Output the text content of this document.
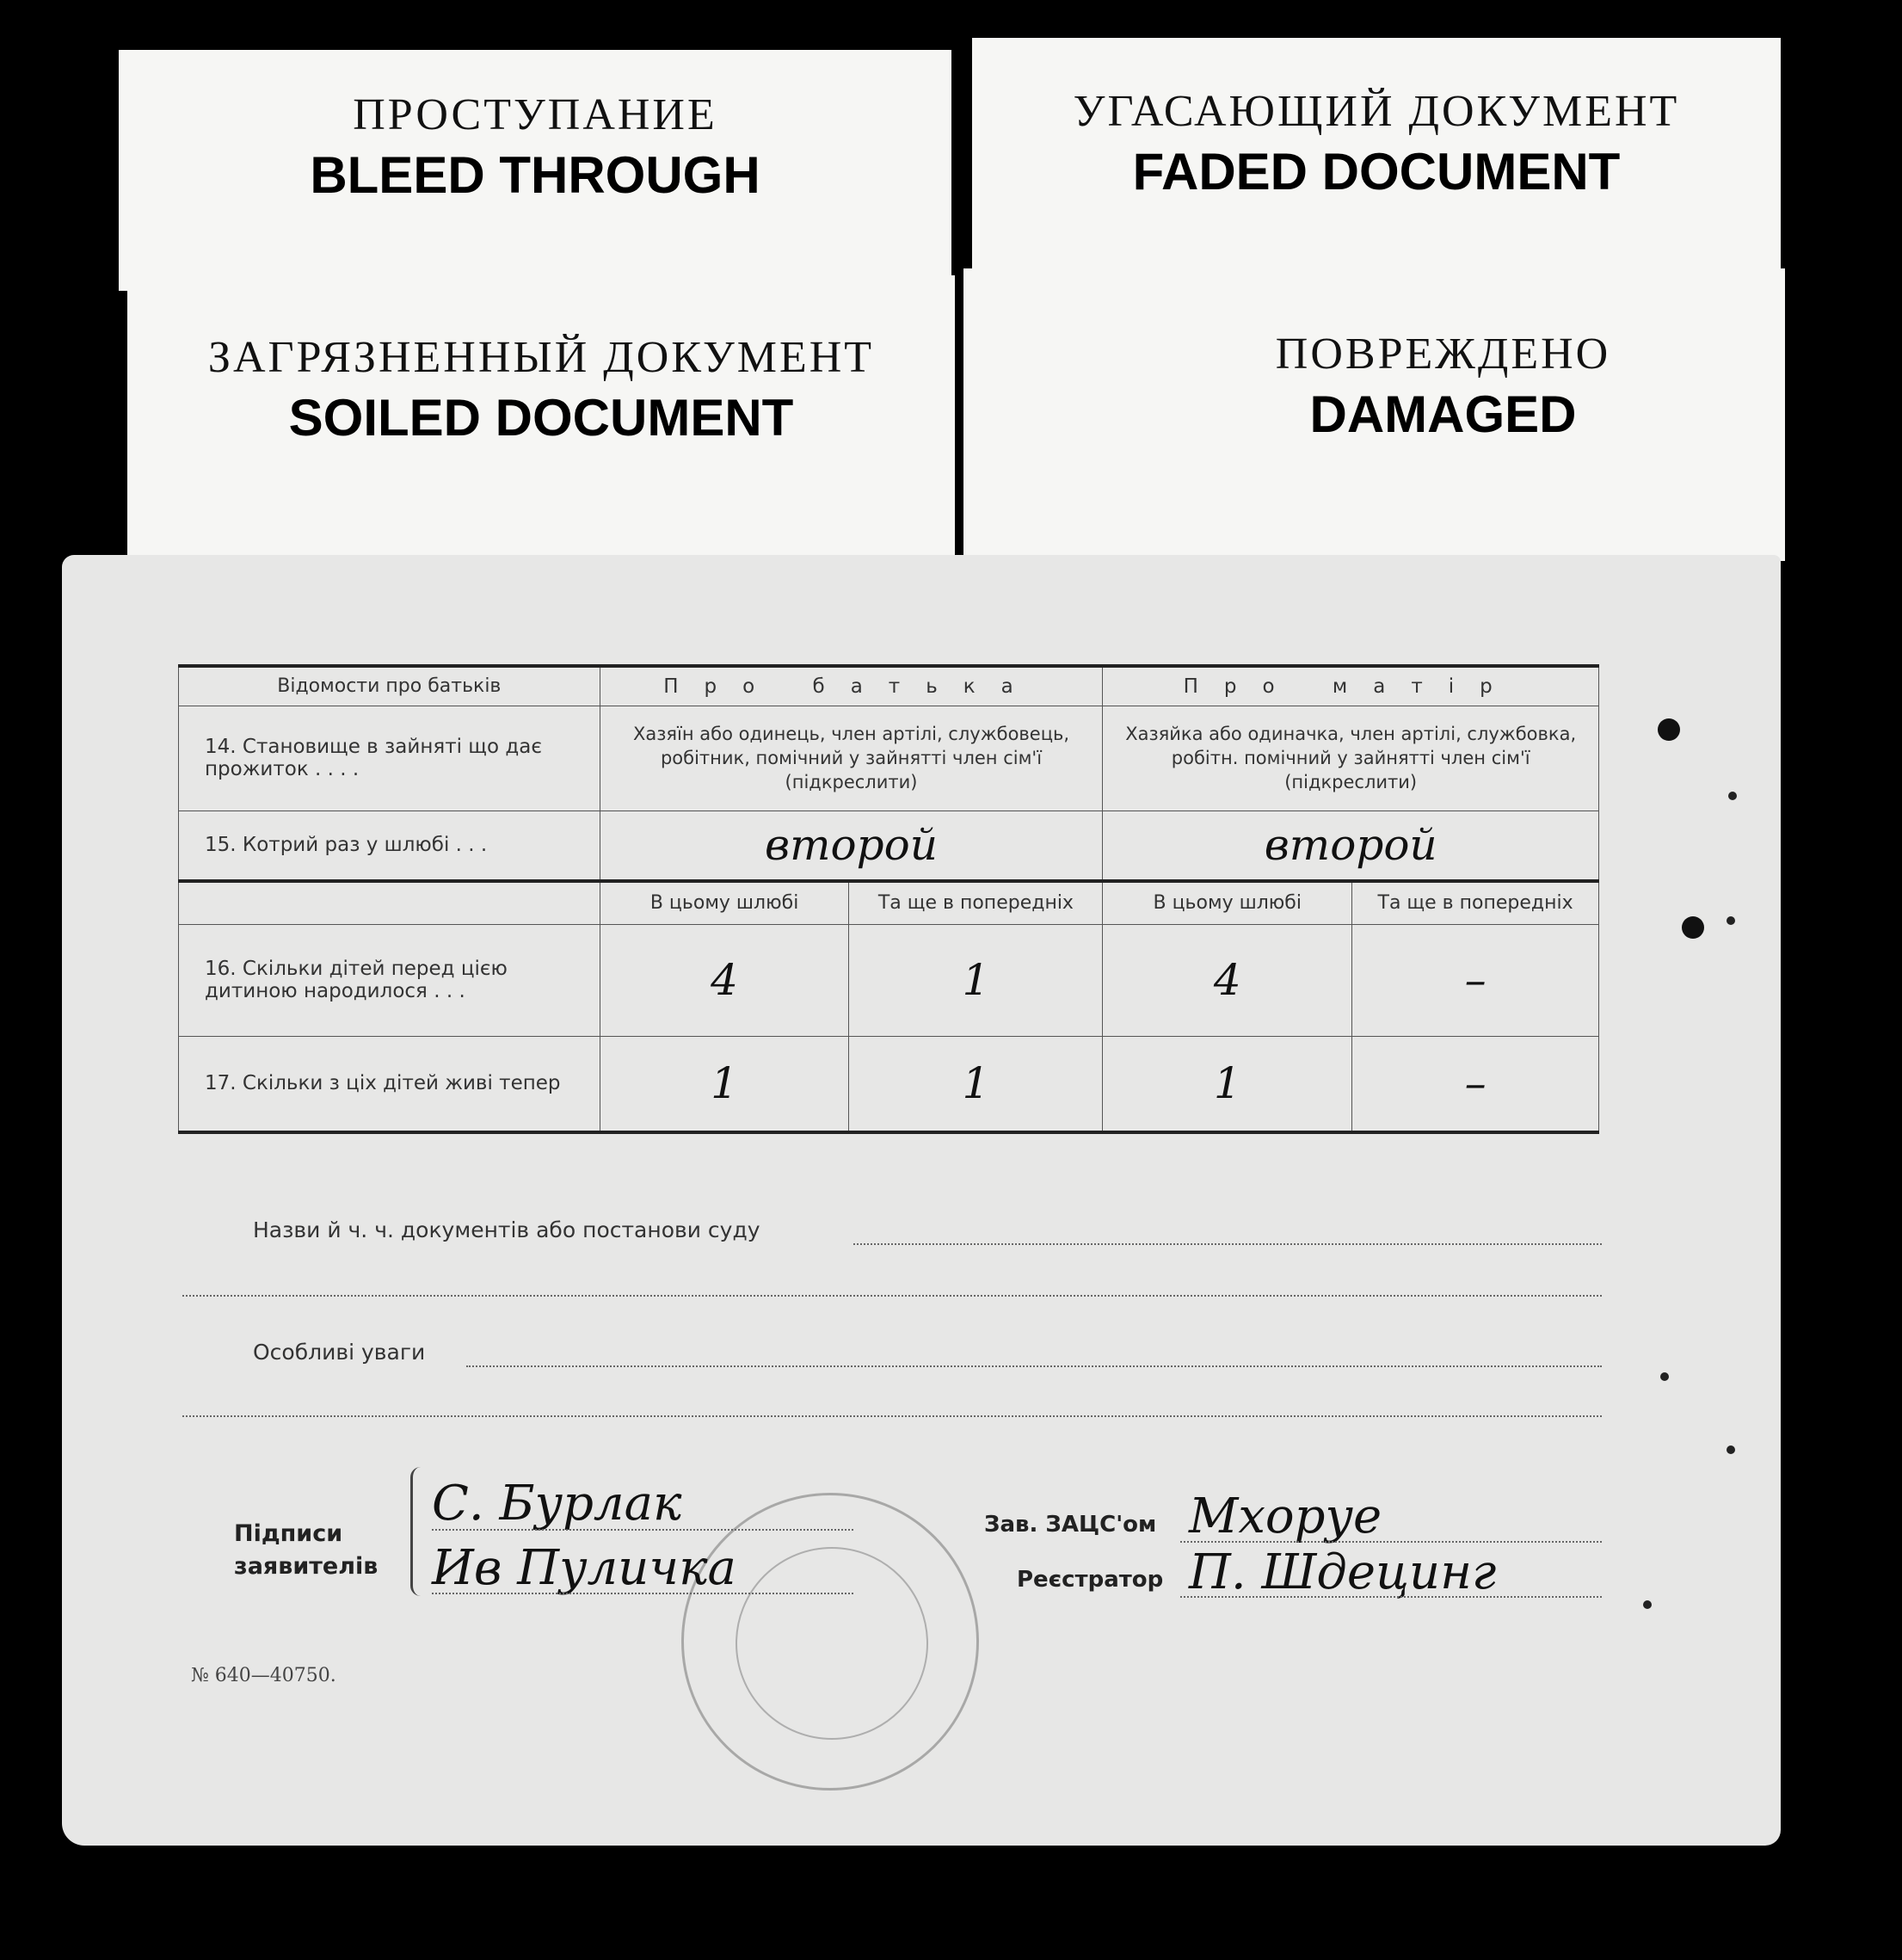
ПРОСТУПАНИЕ
BLEED THROUGH
УГАСАЮЩИЙ ДОКУМЕНТ
FADED DOCUMENT
ЗАГРЯЗНЕННЫЙ ДОКУМЕНТ
SOILED DOCUMENT
ПОВРЕЖДЕНО
DAMAGED
Відомости про батьків	Про батька		Про матір	
14. Становище в зайняті що дає прожиток . . . .	Хазяїн або одинець, член артілі, службовець, робітник, помічний у зайнятті член сім'ї (підкреслити)		Хазяйка або одиначка, член артілі, службовка, робітн. помічний у зайнятті член сім'ї (підкреслити)	
15. Котрий раз у шлюбі . . .	второй		второй	
	В цьому шлюбі	Та ще в попередніх	В цьому шлюбі	Та ще в попередніх
16. Скільки дітей перед цією дитиною народилося . . .	4	1	4	–
17. Скільки з ціх дітей живі тепер	1	1	1	–
Назви й ч. ч. документів або постанови суду
Особливі уваги
Підписи
заявителів
С. Бурлак
Ив Пуличка
Зав. ЗАЦС'ом Мхоруе
Реєстратор П. Шдецинг
№ 640—40750.
